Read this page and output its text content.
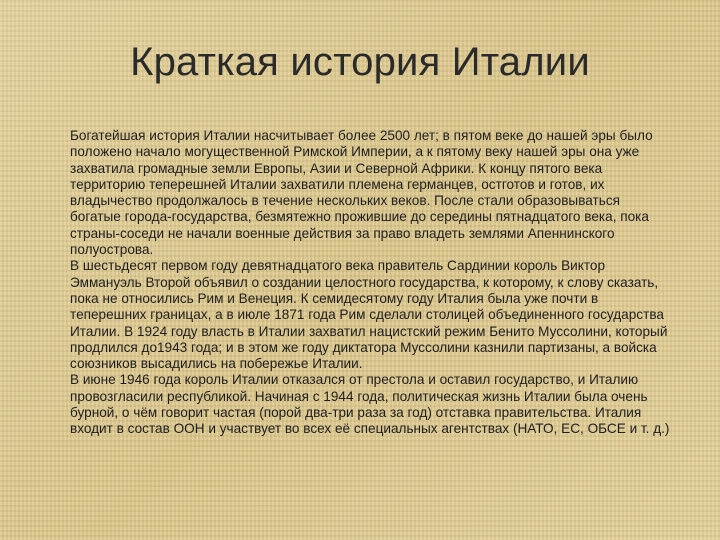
Краткая история Италии

Богатейшая история Италии насчитывает более 2500 лет; в пятом веке до нашей эры было положено начало могущественной Римской Империи, а к пятому веку нашей эры она уже захватила громадные земли Европы, Азии и Северной Африки. К концу пятого века территорию теперешней Италии захватили племена германцев, остготов и готов, их владычество продолжалось в течение нескольких веков. После стали образовываться богатые города-государства, безмятежно прожившие до середины пятнадцатого века, пока страны-соседи не начали военные действия за право владеть землями Апеннинского полуострова.

В шестьдесят первом году девятнадцатого века правитель Сардинии король Виктор Эммануэль Второй объявил о создании целостного государства, к которому, к слову сказать, пока не относились Рим и Венеция. К семидесятому году Италия была уже почти в теперешних границах, а в июле 1871 года Рим сделали столицей объединенного государства Италии. В 1924 году власть в Италии захватил нацистский режим Бенито Муссолини, который продлился до1943 года; и в этом же году диктатора Муссолини казнили партизаны, а войска союзников высадились на побережье Италии.

В июне 1946 года король Италии отказался от престола и оставил государство, и Италию провозгласили республикой. Начиная с 1944 года, политическая жизнь Италии была очень бурной, о чём говорит частая (порой два-три раза за год) отставка правительства. Италия входит в состав ООН и участвует во всех её специальных агентствах (НАТО, ЕС, ОБСЕ и т. д.)
